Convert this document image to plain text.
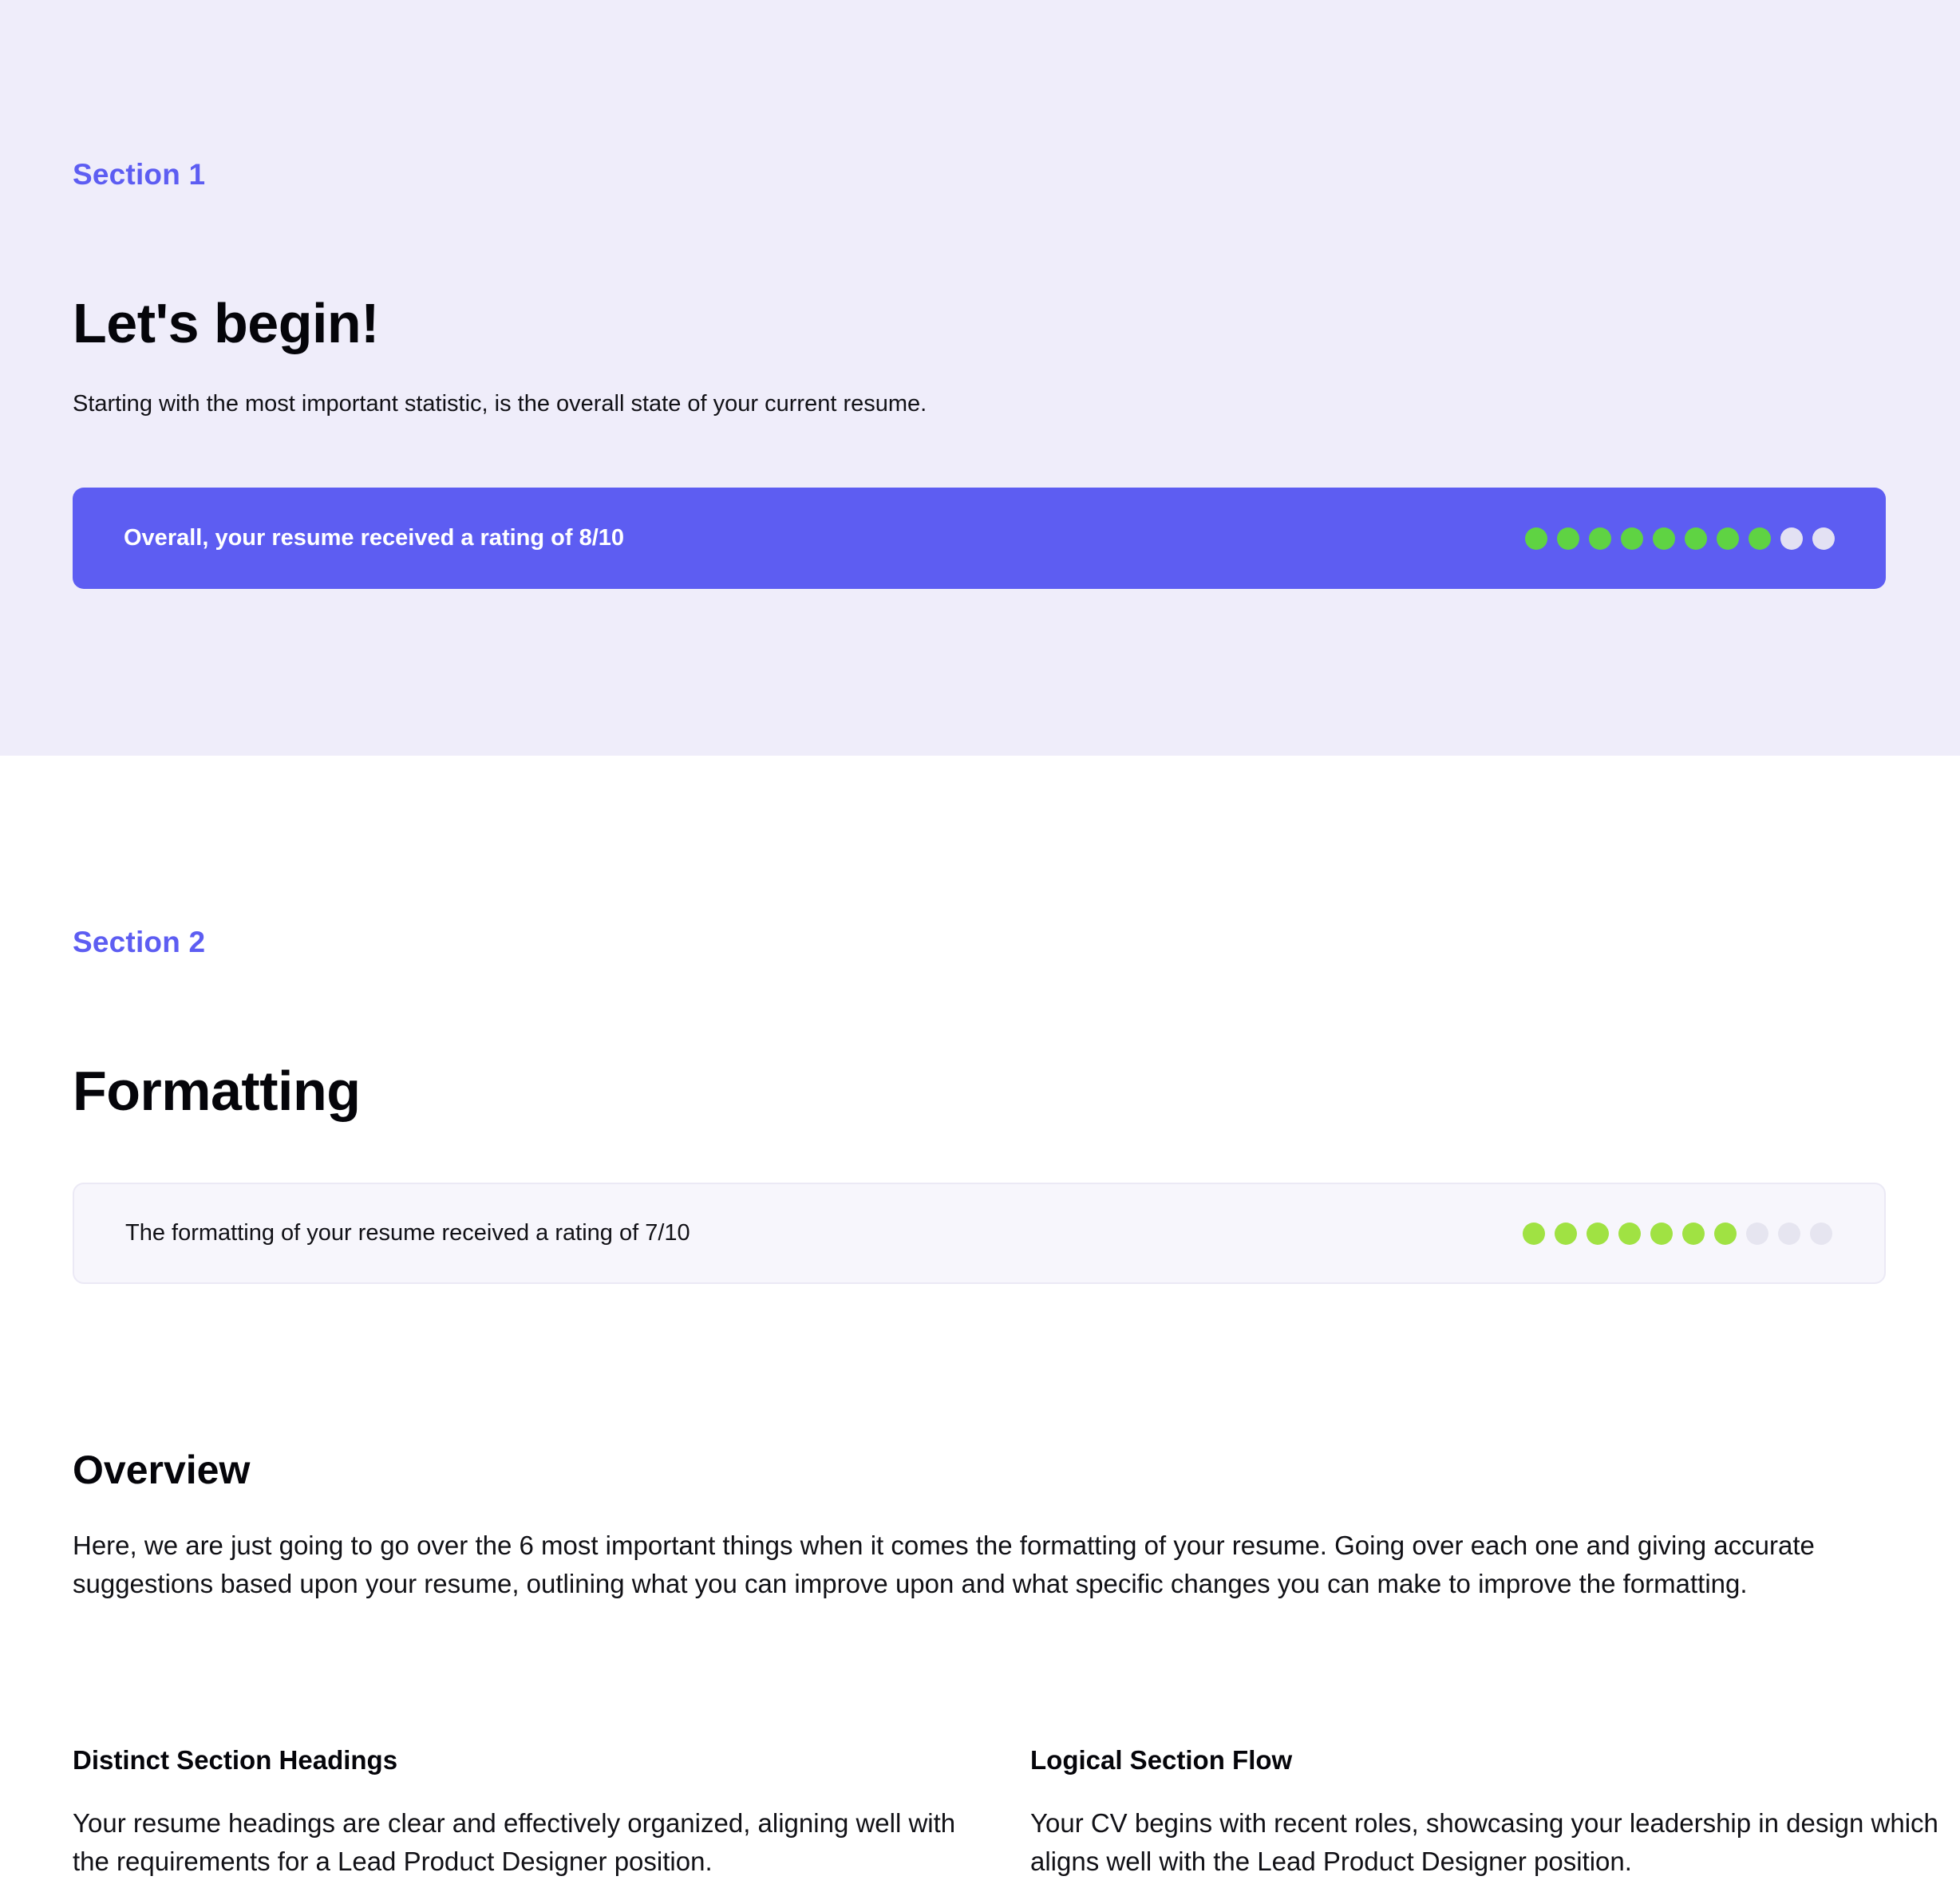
Section 1
Let's begin!
Starting with the most important statistic, is the overall state of your current resume.
Overall, your resume received a rating of 8/10
Section 2
Formatting
The formatting of your resume received a rating of 7/10
Overview
Here, we are just going to go over the 6 most important things when it comes the formatting of your resume. Going over each one and giving accurate suggestions based upon your resume, outlining what you can improve upon and what specific changes you can make to improve the formatting.
Distinct Section Headings

Your resume headings are clear and effectively organized, aligning well with the requirements for a Lead Product Designer position.

Logical Section Flow

Your CV begins with recent roles, showcasing your leadership in design which aligns well with the Lead Product Designer position.
